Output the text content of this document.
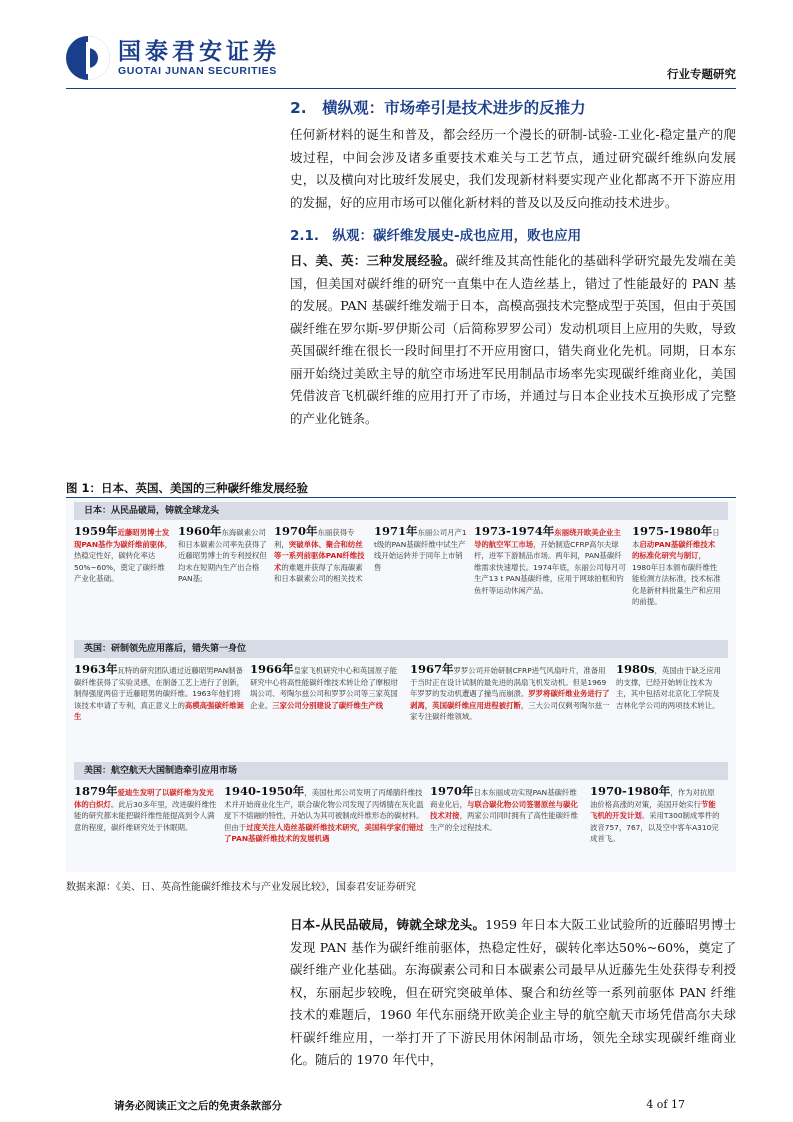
国泰君安证券
GUOTAI JUNAN SECURITIES	行业专题研究
2.　横纵观：市场牵引是技术进步的反推力

任何新材料的诞生和普及，都会经历一个漫长的研制-试验-工业化-稳定量产的爬坡过程，中间会涉及诸多重要技术难关与工艺节点，通过研究碳纤维纵向发展史，以及横向对比玻纤发展史，我们发现新材料要实现产业化都离不开下游应用的发掘，好的应用市场可以催化新材料的普及以及反向推动技术进步。

2.1.　纵观：碳纤维发展史-成也应用，败也应用

日、美、英：三种发展经验。碳纤维及其高性能化的基础科学研究最先发端在美国，但美国对碳纤维的研究一直集中在人造丝基上，错过了性能最好的 PAN 基的发展。PAN 基碳纤维发端于日本，高模高强技术完整成型于英国，但由于英国碳纤维在罗尔斯-罗伊斯公司（后简称罗罗公司）发动机项目上应用的失败，导致英国碳纤维在很长一段时间里打不开应用窗口，错失商业化先机。同期，日本东丽开始绕过美欧主导的航空市场进军民用制品市场率先实现碳纤维商业化，美国凭借波音飞机碳纤维的应用打开了市场，并通过与日本企业技术互换形成了完整的产业化链条。

图 1：日本、英国、美国的三种碳纤维发展经验
日本：从民品破局，铸就全球龙头
1959年近藤昭男博士发现PAN基作为碳纤维前驱体，热稳定性好，碳转化率达50%~60%，奠定了碳纤维产业化基础。
1960年东海碳素公司和日本碳素公司率先获得了近藤昭男博士的专利授权但均未在短期内生产出合格PAN基;
1970年东丽获得专利，突破单体、聚合和纺丝等一系列前驱体PAN纤维技术的难题并获得了东海碳素和日本碳素公司的相关技术
1971年东丽公司月产1 t级的PAN基碳纤维中试生产线开始运转并于同年上市销售
1973-1974年东丽绕开欧美企业主导的航空军工市场，开始制造CFRP高尔夫球杆，进军下游制品市场。两年间，PAN基碳纤维需求快速增长。1974年底，东丽公司每月可生产13 t PAN基碳纤维，应用于网球拍框和钓鱼杆等运动休闲产品。
1975-1980年日本启动PAN基碳纤维技术的标准化研究与制订，1980年日本颁布碳纤维性能检测方法标准，技术标准化是新材料批量生产和应用的前提。
英国：研制领先应用落后，错失第一身位
1963年瓦特的研究团队通过近藤昭男PAN制备碳纤维获得了实验灵感，在制备工艺上进行了创新，制得强度两倍于近藤昭男的碳纤维。1963年他们将该技术申请了专利，真正意义上的高模高强碳纤维诞生
1966年皇家飞机研究中心和英国原子能研究中心将高性能碳纤维技术转让给了摩根坩埚公司、考陶尔兹公司和罗罗公司等三家英国企业。三家公司分别建设了碳纤维生产线
1967年罗罗公司开始研制CFRP进气风扇叶片，准备用于当时正在设计试制的最先进的涡扇飞机发动机。但是1969年罗罗的发动机遭遇了撞鸟而崩溃。罗罗将碳纤维业务进行了剥离，英国碳纤维应用进程被打断，三大公司仅剩考陶尔兹一家专注碳纤维领域。
1980s，英国由于缺乏应用的支撑，已经开始转让技术为主，其中包括对北京化工学院及吉林化学公司的两项技术转让。
美国：航空航天大国制造牵引应用市场
1879年爱迪生发明了以碳纤维为发光体的白炽灯。此后30多年里，改进碳纤维性能的研究都未能把碳纤维性能提高到令人满意的程度，碳纤维研究处于休眠期。
1940-1950年，美国杜邦公司发明了丙烯腈纤维技术并开始商业化生产，联合碳化物公司发现了丙烯腈在灰化温度下不熔融的特性，开始认为其可被制成纤维形态的碳材料。但由于过度关注人造丝基碳纤维技术研究，美国科学家们错过了PAN基碳纤维技术的发展机遇
1970年日本东丽成功实现PAN基碳纤维商业化后，与联合碳化物公司签署原丝与碳化技术对接，两家公司同时拥有了高性能碳纤维生产的全过程技术。
1970-1980年，作为对抗原油价格高涨的对策，美国开始实行节能飞机的开发计划。采用T300制成零件的波音757，767，以及空中客车A310完成首飞。
数据来源：《美、日、英高性能碳纤维技术与产业发展比较》，国泰君安证券研究

日本-从民品破局，铸就全球龙头。1959 年日本大阪工业试验所的近藤昭男博士发现 PAN 基作为碳纤维前驱体，热稳定性好，碳转化率达50%~60%，奠定了碳纤维产业化基础。东海碳素公司和日本碳素公司最早从近藤先生处获得专利授权，东丽起步较晚，但在研究突破单体、聚合和纺丝等一系列前驱体 PAN 纤维技术的难题后，1960 年代东丽绕开欧美企业主导的航空航天市场凭借高尔夫球杆碳纤维应用，一举打开了下游民用休闲制品市场，领先全球实现碳纤维商业化。随后的 1970 年代中，

请务必阅读正文之后的免责条款部分	4 of 17
